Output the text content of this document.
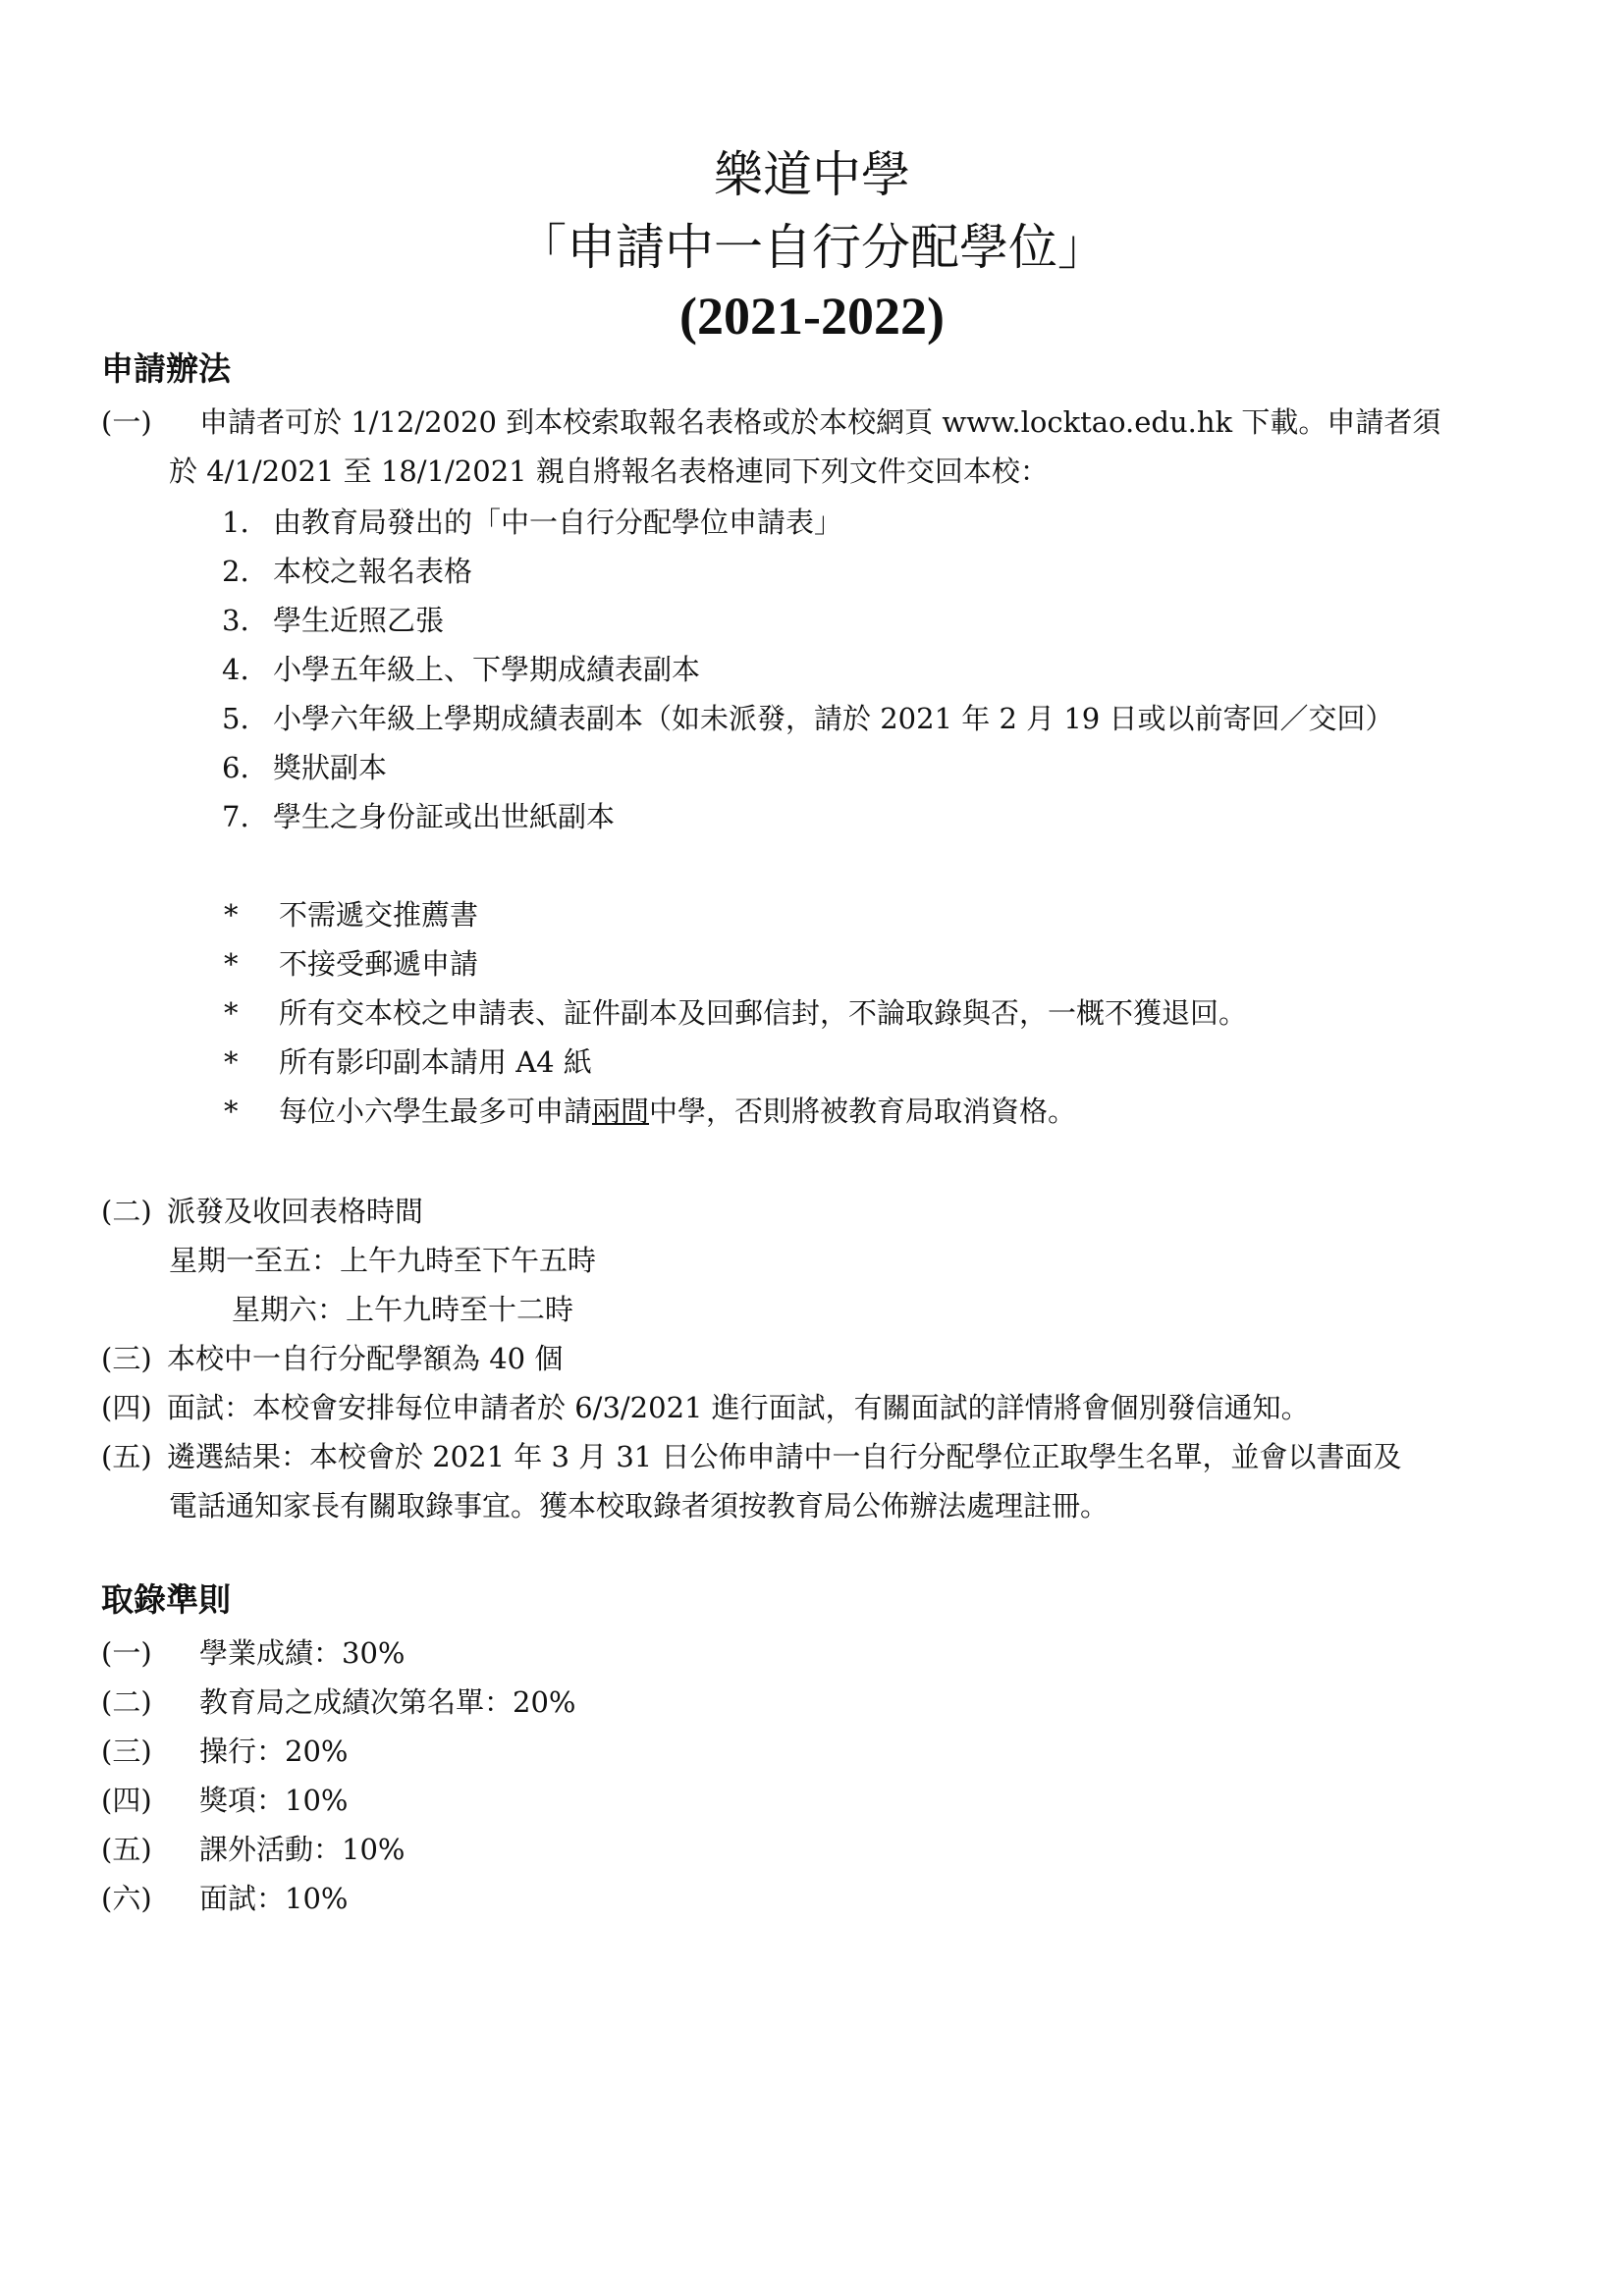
樂道中學
「申請中一自行分配學位」
(2021-2022)
申請辦法
(一) 申請者可於 1/12/2020 到本校索取報名表格或於本校網頁 www.locktao.edu.hk 下載。申請者須
於 4/1/2021 至 18/1/2021 親自將報名表格連同下列文件交回本校：
1. 由教育局發出的「中一自行分配學位申請表」
2. 本校之報名表格
3. 學生近照乙張
4. 小學五年級上、下學期成績表副本
5. 小學六年級上學期成績表副本（如未派發，請於 2021 年 2 月 19 日或以前寄回／交回）
6. 獎狀副本
7. 學生之身份証或出世紙副本
* 不需遞交推薦書
* 不接受郵遞申請
* 所有交本校之申請表、証件副本及回郵信封，不論取錄與否，一概不獲退回。
* 所有影印副本請用 A4 紙
* 每位小六學生最多可申請兩間中學，否則將被教育局取消資格。
(二) 派發及收回表格時間
星期一至五：上午九時至下午五時
星期六：上午九時至十二時
(三) 本校中一自行分配學額為 40 個
(四) 面試：本校會安排每位申請者於 6/3/2021 進行面試，有關面試的詳情將會個別發信通知。
(五) 遴選結果：本校會於 2021 年 3 月 31 日公佈申請中一自行分配學位正取學生名單，並會以書面及
電話通知家長有關取錄事宜。獲本校取錄者須按教育局公佈辦法處理註冊。
取錄準則
(一) 學業成績：30%
(二) 教育局之成績次第名單：20%
(三) 操行：20%
(四) 獎項：10%
(五) 課外活動：10%
(六) 面試：10%
